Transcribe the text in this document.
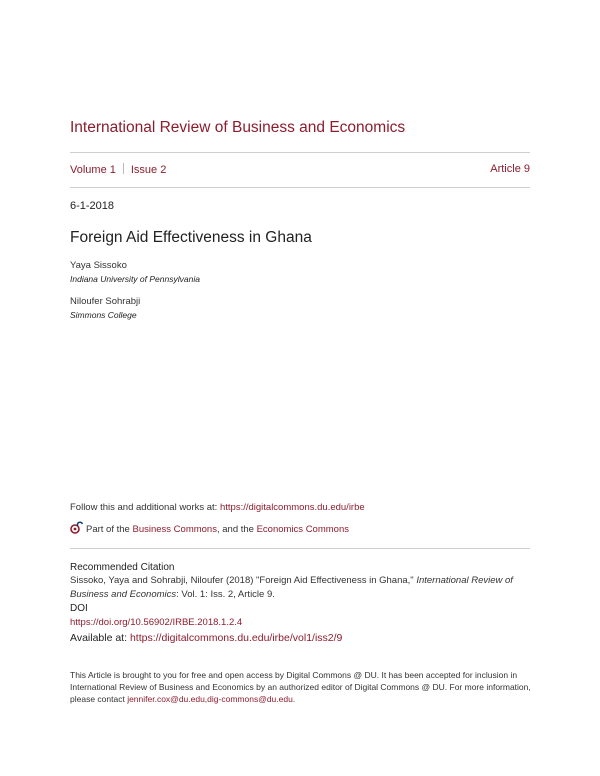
International Review of Business and Economics
Volume 1 Issue 2	Article 9
6-1-2018
Foreign Aid Effectiveness in Ghana
Yaya Sissoko
Indiana University of Pennsylvania
Niloufer Sohrabji
Simmons College
Follow this and additional works at: https://digitalcommons.du.edu/irbe
Part of the Business Commons, and the Economics Commons
Recommended Citation
Sissoko, Yaya and Sohrabji, Niloufer (2018) "Foreign Aid Effectiveness in Ghana," International Review of Business and Economics: Vol. 1: Iss. 2, Article 9.
DOI
https://doi.org/10.56902/IRBE.2018.1.2.4
Available at: https://digitalcommons.du.edu/irbe/vol1/iss2/9
This Article is brought to you for free and open access by Digital Commons @ DU. It has been accepted for inclusion in International Review of Business and Economics by an authorized editor of Digital Commons @ DU. For more information, please contact jennifer.cox@du.edu,dig-commons@du.edu.
